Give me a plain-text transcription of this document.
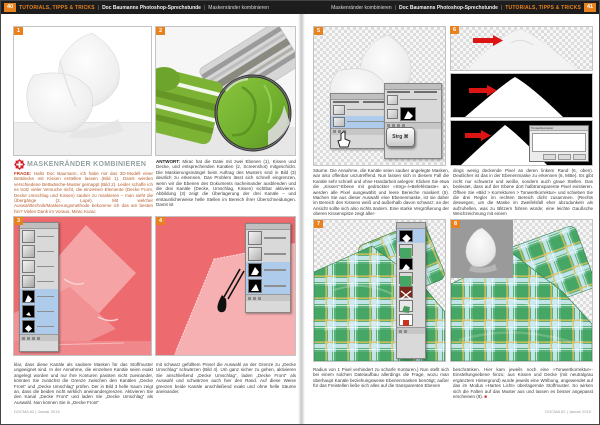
40	TUTORIALS, TIPPS & TRICKS | Doc Baumanns Photoshop-Sprechstunde | Maskenränder kombinieren	Maskenränder kombinieren | Doc Baumanns Photoshop-Sprechstunde | TUTORIALS, TIPPS & TRICKS	41
1	2
MASKENRÄNDER KOMBINIEREN

FRAGE: Hallo Doc Baumann, ich habe mir das 3D-Modell einer Bettdecke mit Kissen erstellen lassen (Bild 1). Damit werden verschiedene Bettwäsche-Muster gemappt (Bild 2). Leider schaffe ich es trotz vieler Versuche nicht, die einzelnen Elemente (Decke Front, Decke Umschlag und Kissen) sauber zu maskieren – man sieht die Übergänge (2, Lupe). Mit welcher Auswahltechnik/Maskierungsmethode bekomme ich das am besten hin? Vielen Dank im Voraus, Mirac Kurac

ANTWORT: Mirac hat die Datei mit zwei Ebenen (1), Kissen und Decke, und entsprechenden Kanälen (2, Screenshot) mitgeschickt. Die Maskierungsmängel beim Auftrag des Musters sind in Bild (3) deutlich zu erkennen. Das Problem lässt sich schnell eingrenzen, wenn wir die Ebenen des Dokuments nacheinander ausblenden und die drei Kanäle (Decke, Umschlag, Kissen) sichtbar aktivieren. Abbildung (3) zeigt die Überlagerung der drei Kanäle – und erstaunlicherweise helle Stellen im Bereich ihrer Überschneidungen. Damit ist

3	4

klar, dass diese Kanäle als saubere Masken für das Stoffmuster ungeeignet sind. In der Annahme, die einzelnen Kanäle seien exakt angelegt worden und nur ihre Konturen passten nicht zueinander, könnten Sie zunächst die Grenze zwischen den Kanälen „Decke Front“ und „Decke Umschlag“ prüfen. Der in Bild 3 helle Saum zeigt an, dass die beiden nicht wirklich aneinandergrenzen. Aktivieren Sie den Kanal „Decke Front“ und laden Sie „Decke Umschlag“ als Auswahl. Nun können Sie in „Decke Front“

mit schwarz gefülltem Pinsel die Auswahl an der Grenze zu „Decke Umschlag“ schwärzen (Bild 4). Um ganz sicher zu gehen, aktivieren Sie anschließend „Decke Umschlag“, laden „Decke Front“ als Auswahl und schwärzen auch hier den Rand. Auf diese Weise grenzen beide Kanäle anschließend exakt und ohne helle Säume aneinander.

DOCMA 62 | Januar 2015
5
Strg ⌘
6
Tonwertkorrektur

Säume. Die Annahme, die Kanäle seien sauber angelegte Masken, war also offenbar unzutreffend. Nun lassen sich in diesem Fall die Kanäle sehr schnell und ohne Handarbeit anlegen: Klicken Sie etwa die „Kissen“-Ebene mit gedrückter »Strg«-/»Befehlstaste« an, werden alle Pixel ausgewählt und leere Bereiche maskiert (5). Machen Sie aus dieser Auswahl eine Ebenenmaske, ist sie daher im Bereich des Kissens weiß und außerhalb davon schwarz; an der Ansicht sollte sich also nichts ändern. Eine starke Vergrößerung der oberen Kissenspitze zeigt aller-

dings wenig deckende Pixel an deren linkem Rand (6, oben). Deutlicher ist das in der Ebenenmaske zu erkennen (6, Mitte). Es gibt nicht nur schwarze und weiße, sondern auch graue Stellen. Das bedeutet, dass auf der Ebene dort halbtransparente Pixel existieren. Öffnen Sie »Bild > Korrekturen > Tonwertkorrektur« und schieben Sie die drei Regler im rechten Bereich dicht zusammen. (Rechts deswegen, um die Maske im Zweifelsfall eher abzudunkeln als aufzuhellen, was zu Blitzern führen würde; eine leichte Gaußsche Weichzeichnung mit einem

7	8

Radius von 1 Pixel verhindert zu scharfe Konturen.) Nun stellt sich bei einem solchen Dateiaufbau allerdings die Frage, wozu man überhaupt Kanäle beziehungsweise Ebenenmasken benötigt; außer für das Freistellen ließe sich alles auf die transparenten Ebenen

beschränken. Hier kam jeweils noch eine »Tonwertkorrektur«-Einstellungsebene hinzu; aus Kissen und Decke (mit neutralgrau ergänztem Hintergrund) wurde jeweils eine Wölbung, angewendet auf das im Modus »Hartes Licht« überlagernde Stoffmuster. So wirken sich die Falten auf das Muster aus und lassen es besser angepasst erscheinen (8). ■

DOCMA 62 | Januar 2015
